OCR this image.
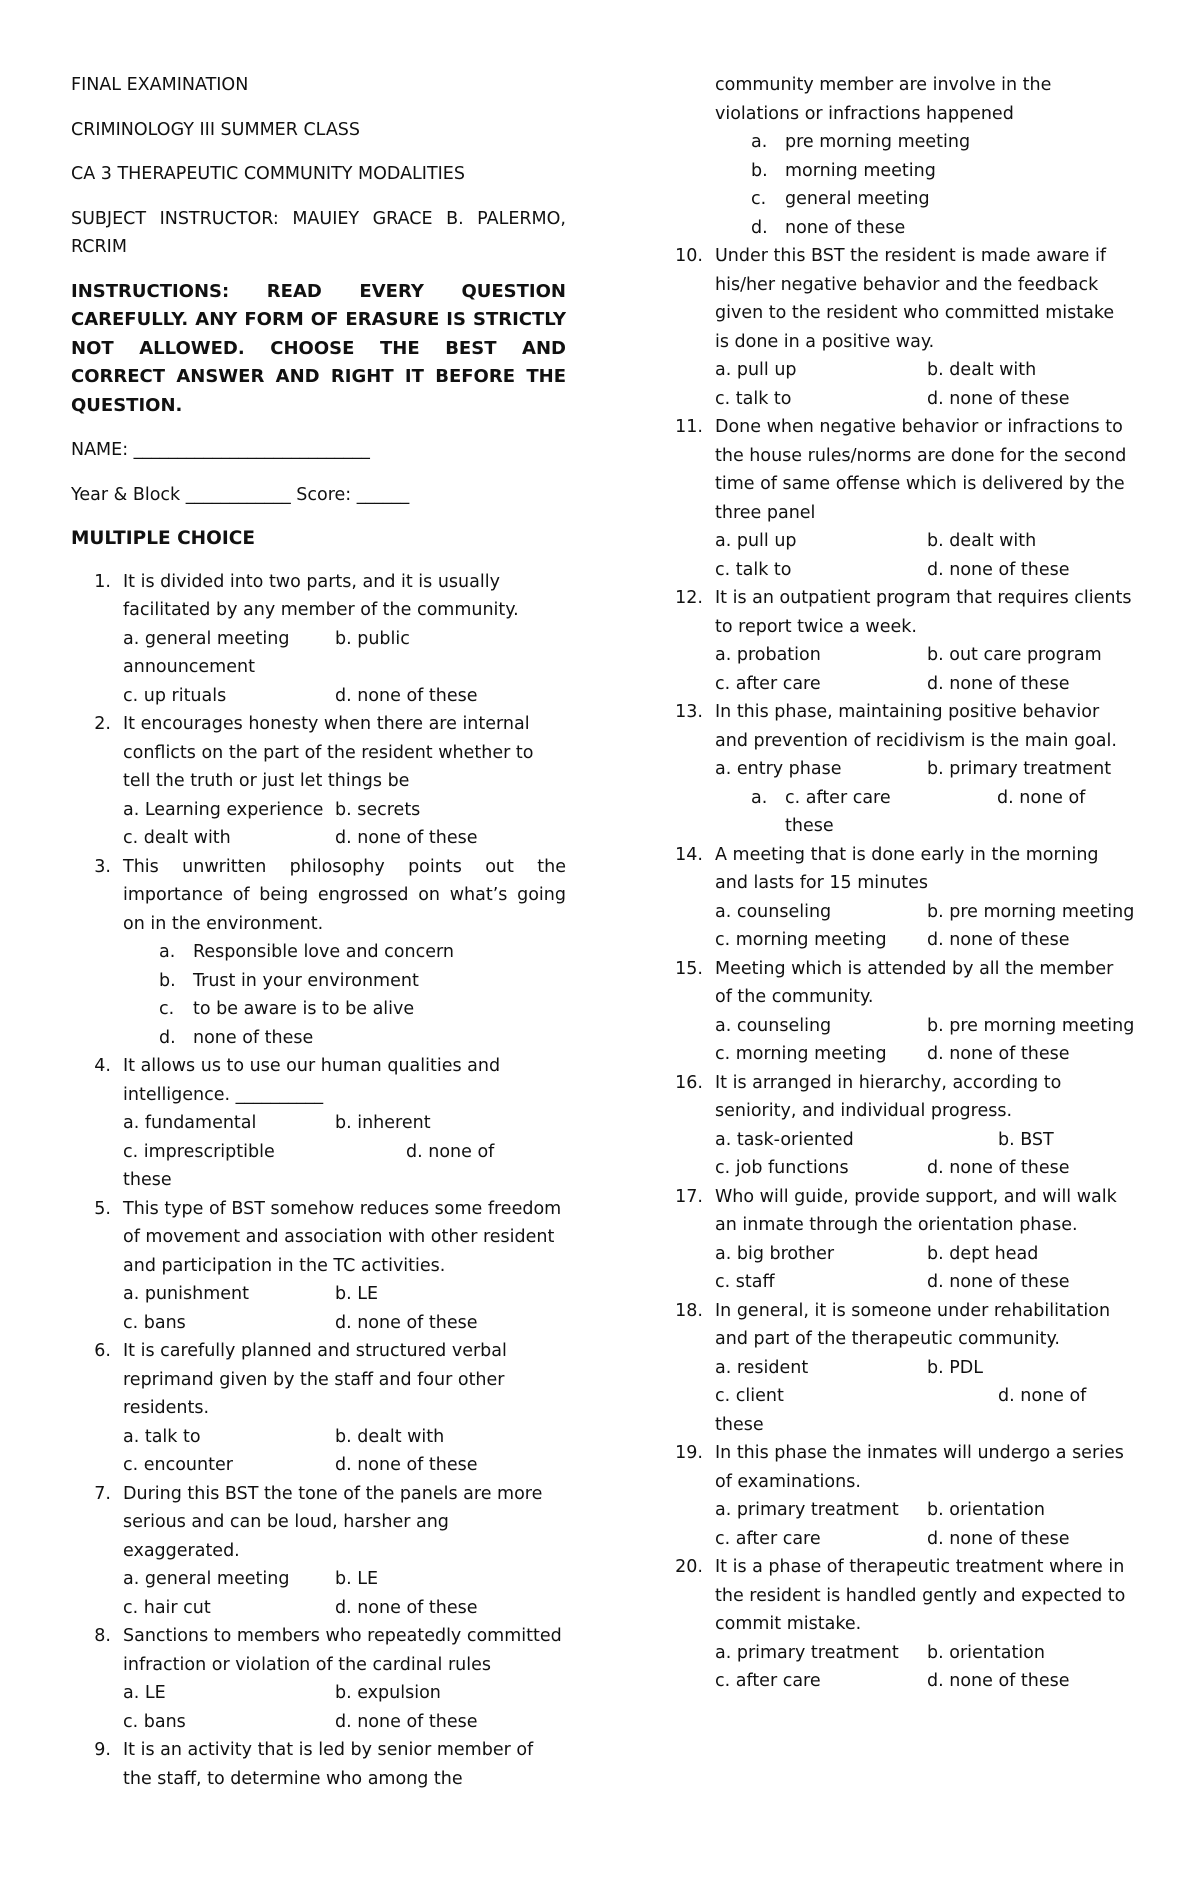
FINAL EXAMINATION
CRIMINOLOGY III SUMMER CLASS
CA 3 THERAPEUTIC COMMUNITY MODALITIES
SUBJECT INSTRUCTOR: MAUIEY GRACE B. PALERMO, RCRIM
INSTRUCTIONS: READ EVERY QUESTION CAREFULLY. ANY FORM OF ERASURE IS STRICTLY NOT ALLOWED. CHOOSE THE BEST AND CORRECT ANSWER AND RIGHT IT BEFORE THE QUESTION.
NAME: ___________________________
Year & Block ____________ Score: ______
MULTIPLE CHOICE
1. It is divided into two parts, and it is usually facilitated by any member of the community.
a. general meeting	b. public
announcement
c. up rituals	d. none of these
2. It encourages honesty when there are internal conflicts on the part of the resident whether to tell the truth or just let things be
a. Learning experience b. secrets
c. dealt with	d. none of these
3. This unwritten philosophy points out the importance of being engrossed on what’s going on in the environment.
a.	Responsible love and concern
b. Trust in your environment
c.	to be aware is to be alive
d. none of these
4. It allows us to use our human qualities and intelligence. __________
a. fundamental	b. inherent
c. imprescriptible	d. none of
these
5. This type of BST somehow reduces some freedom of movement and association with other resident and participation in the TC activities.
a. punishment	b. LE
c. bans	d. none of these
6. It is carefully planned and structured verbal reprimand given by the staff and four other residents.
a. talk to	b. dealt with
c. encounter	d. none of these
7. During this BST the tone of the panels are more serious and can be loud, harsher ang exaggerated.
a. general meeting	b. LE
c. hair cut	d. none of these
8. Sanctions to members who repeatedly committed infraction or violation of the cardinal rules
a. LE	b. expulsion
c. bans	d. none of these
9. It is an activity that is led by senior member of the staff, to determine who among the
community member are involve in the violations or infractions happened
a.	pre morning meeting
b. morning meeting
c.	general meeting
d. none of these
10. Under this BST the resident is made aware if his/her negative behavior and the feedback given to the resident who committed mistake is done in a positive way.
a. pull up	b. dealt with
c. talk to	d. none of these
11. Done when negative behavior or infractions to the house rules/norms are done for the second time of same offense which is delivered by the three panel
a. pull up	b. dealt with
c. talk to	d. none of these
12. It is an outpatient program that requires clients to report twice a week.
a. probation	b. out care program
c. after care	d. none of these
13. In this phase, maintaining positive behavior and prevention of recidivism is the main goal.
a. entry phase	b. primary treatment
a.	c. after care	d. none of
these
14. A meeting that is done early in the morning and lasts for 15 minutes
a. counseling	b. pre morning meeting
c. morning meeting	d. none of these
15. Meeting which is attended by all the member of the community.
a. counseling	b. pre morning meeting
c. morning meeting	d. none of these
16. It is arranged in hierarchy, according to seniority, and individual progress.
a. task-oriented	b. BST
c. job functions	d. none of these
17. Who will guide, provide support, and will walk an inmate through the orientation phase.
a. big brother	b. dept head
c. staff	d. none of these
18. In general, it is someone under rehabilitation and part of the therapeutic community.
a. resident	b. PDL
c. client	d. none of
these
19. In this phase the inmates will undergo a series of examinations.
a. primary treatment	b. orientation
c. after care	d. none of these
20. It is a phase of therapeutic treatment where in the resident is handled gently and expected to commit mistake.
a. primary treatment	b. orientation
c. after care	d. none of these
